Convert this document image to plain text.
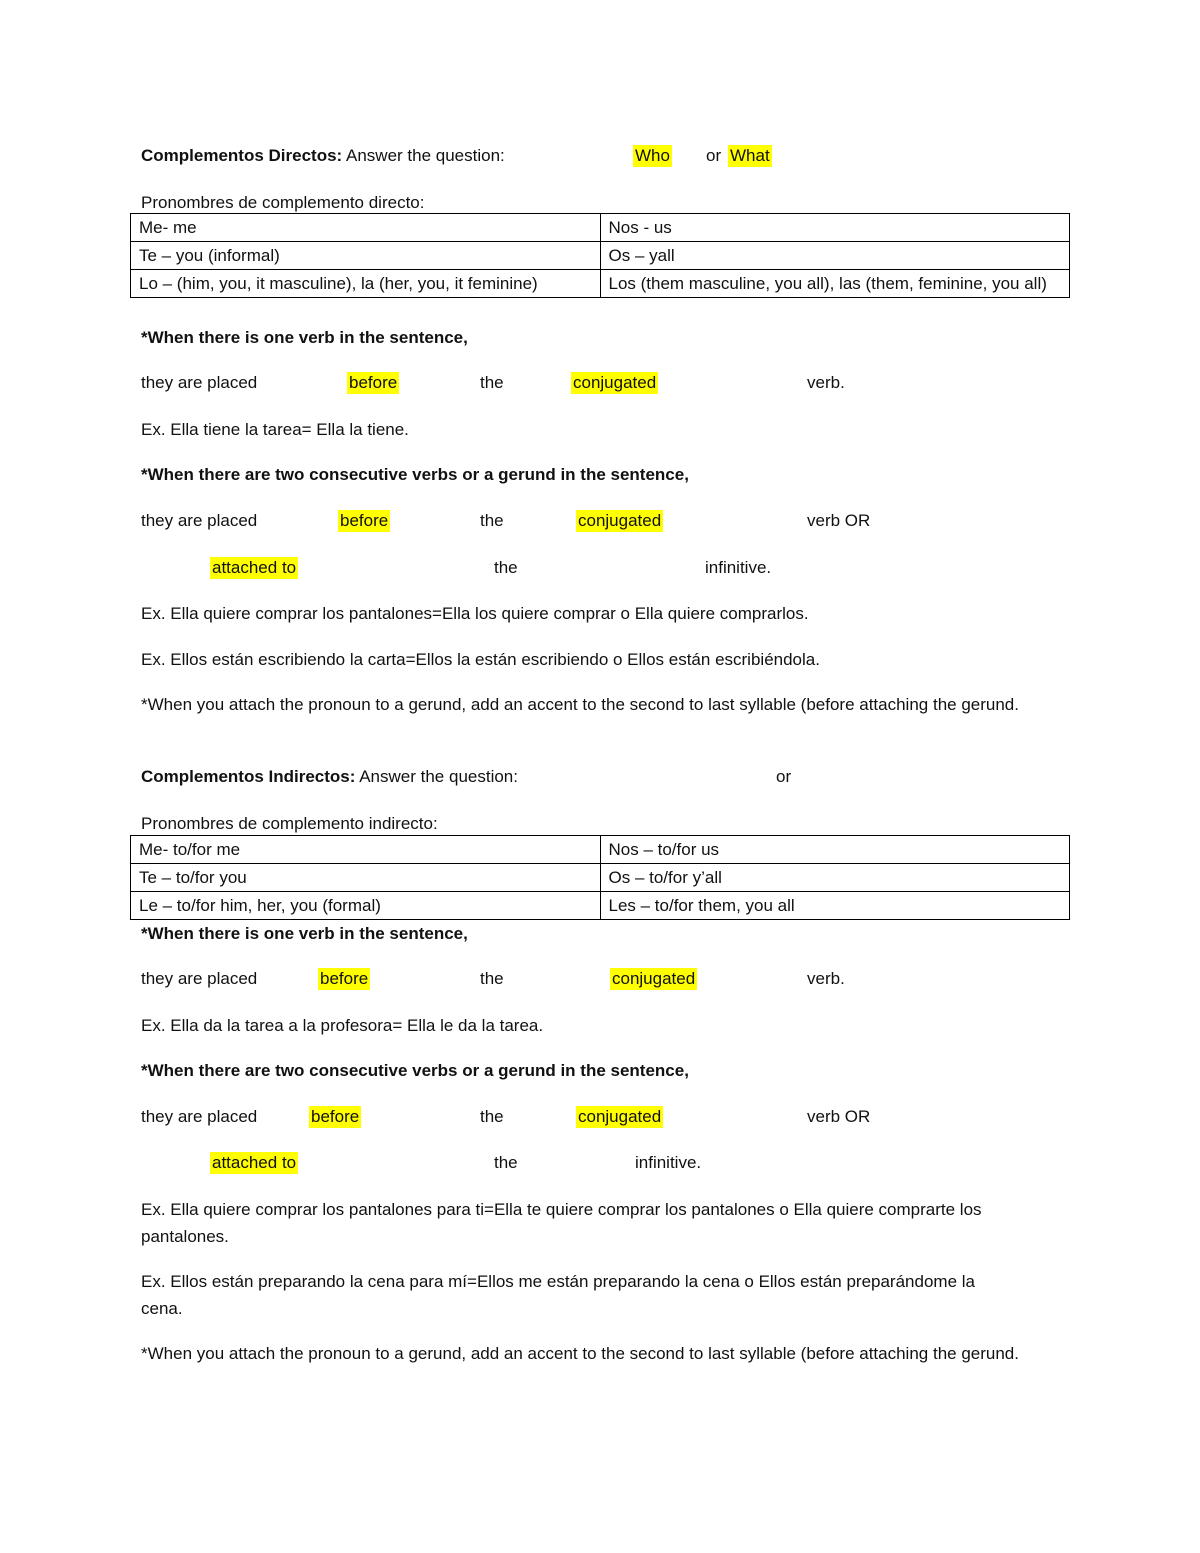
Complementos Directos: Answer the question:	Who or What
Pronombres de complemento directo:
Me- me	Nos - us
Te – you (informal)	Os – yall
Lo – (him, you, it masculine), la (her, you, it feminine)	Los (them masculine, you all), las (them, feminine, you all)
*When there is one verb in the sentence,
they are placed	before	the	conjugated	verb.
Ex. Ella tiene la tarea= Ella la tiene.
*When there are two consecutive verbs or a gerund in the sentence,
they are placed	before	the	conjugated	verb OR
attached to	the	infinitive.
Ex. Ella quiere comprar los pantalones=Ella los quiere comprar o Ella quiere comprarlos.
Ex. Ellos están escribiendo la carta=Ellos la están escribiendo o Ellos están escribiéndola.
*When you attach the pronoun to a gerund, add an accent to the second to last syllable (before attaching the gerund.
Complementos Indirectos: Answer the question:	or
Pronombres de complemento indirecto:
Me- to/for me	Nos – to/for us
Te – to/for you	Os – to/for y’all
Le – to/for him, her, you (formal)	Les – to/for them, you all
*When there is one verb in the sentence,
they are placed	before	the	conjugated	verb.
Ex. Ella da la tarea a la profesora= Ella le da la tarea.
*When there are two consecutive verbs or a gerund in the sentence,
they are placed	before	the	conjugated	verb OR
attached to	the	infinitive.
Ex. Ella quiere comprar los pantalones para ti=Ella te quiere comprar los pantalones o Ella quiere comprarte los pantalones.
Ex. Ellos están preparando la cena para mí=Ellos me están preparando la cena o Ellos están preparándome la cena.
*When you attach the pronoun to a gerund, add an accent to the second to last syllable (before attaching the gerund.
